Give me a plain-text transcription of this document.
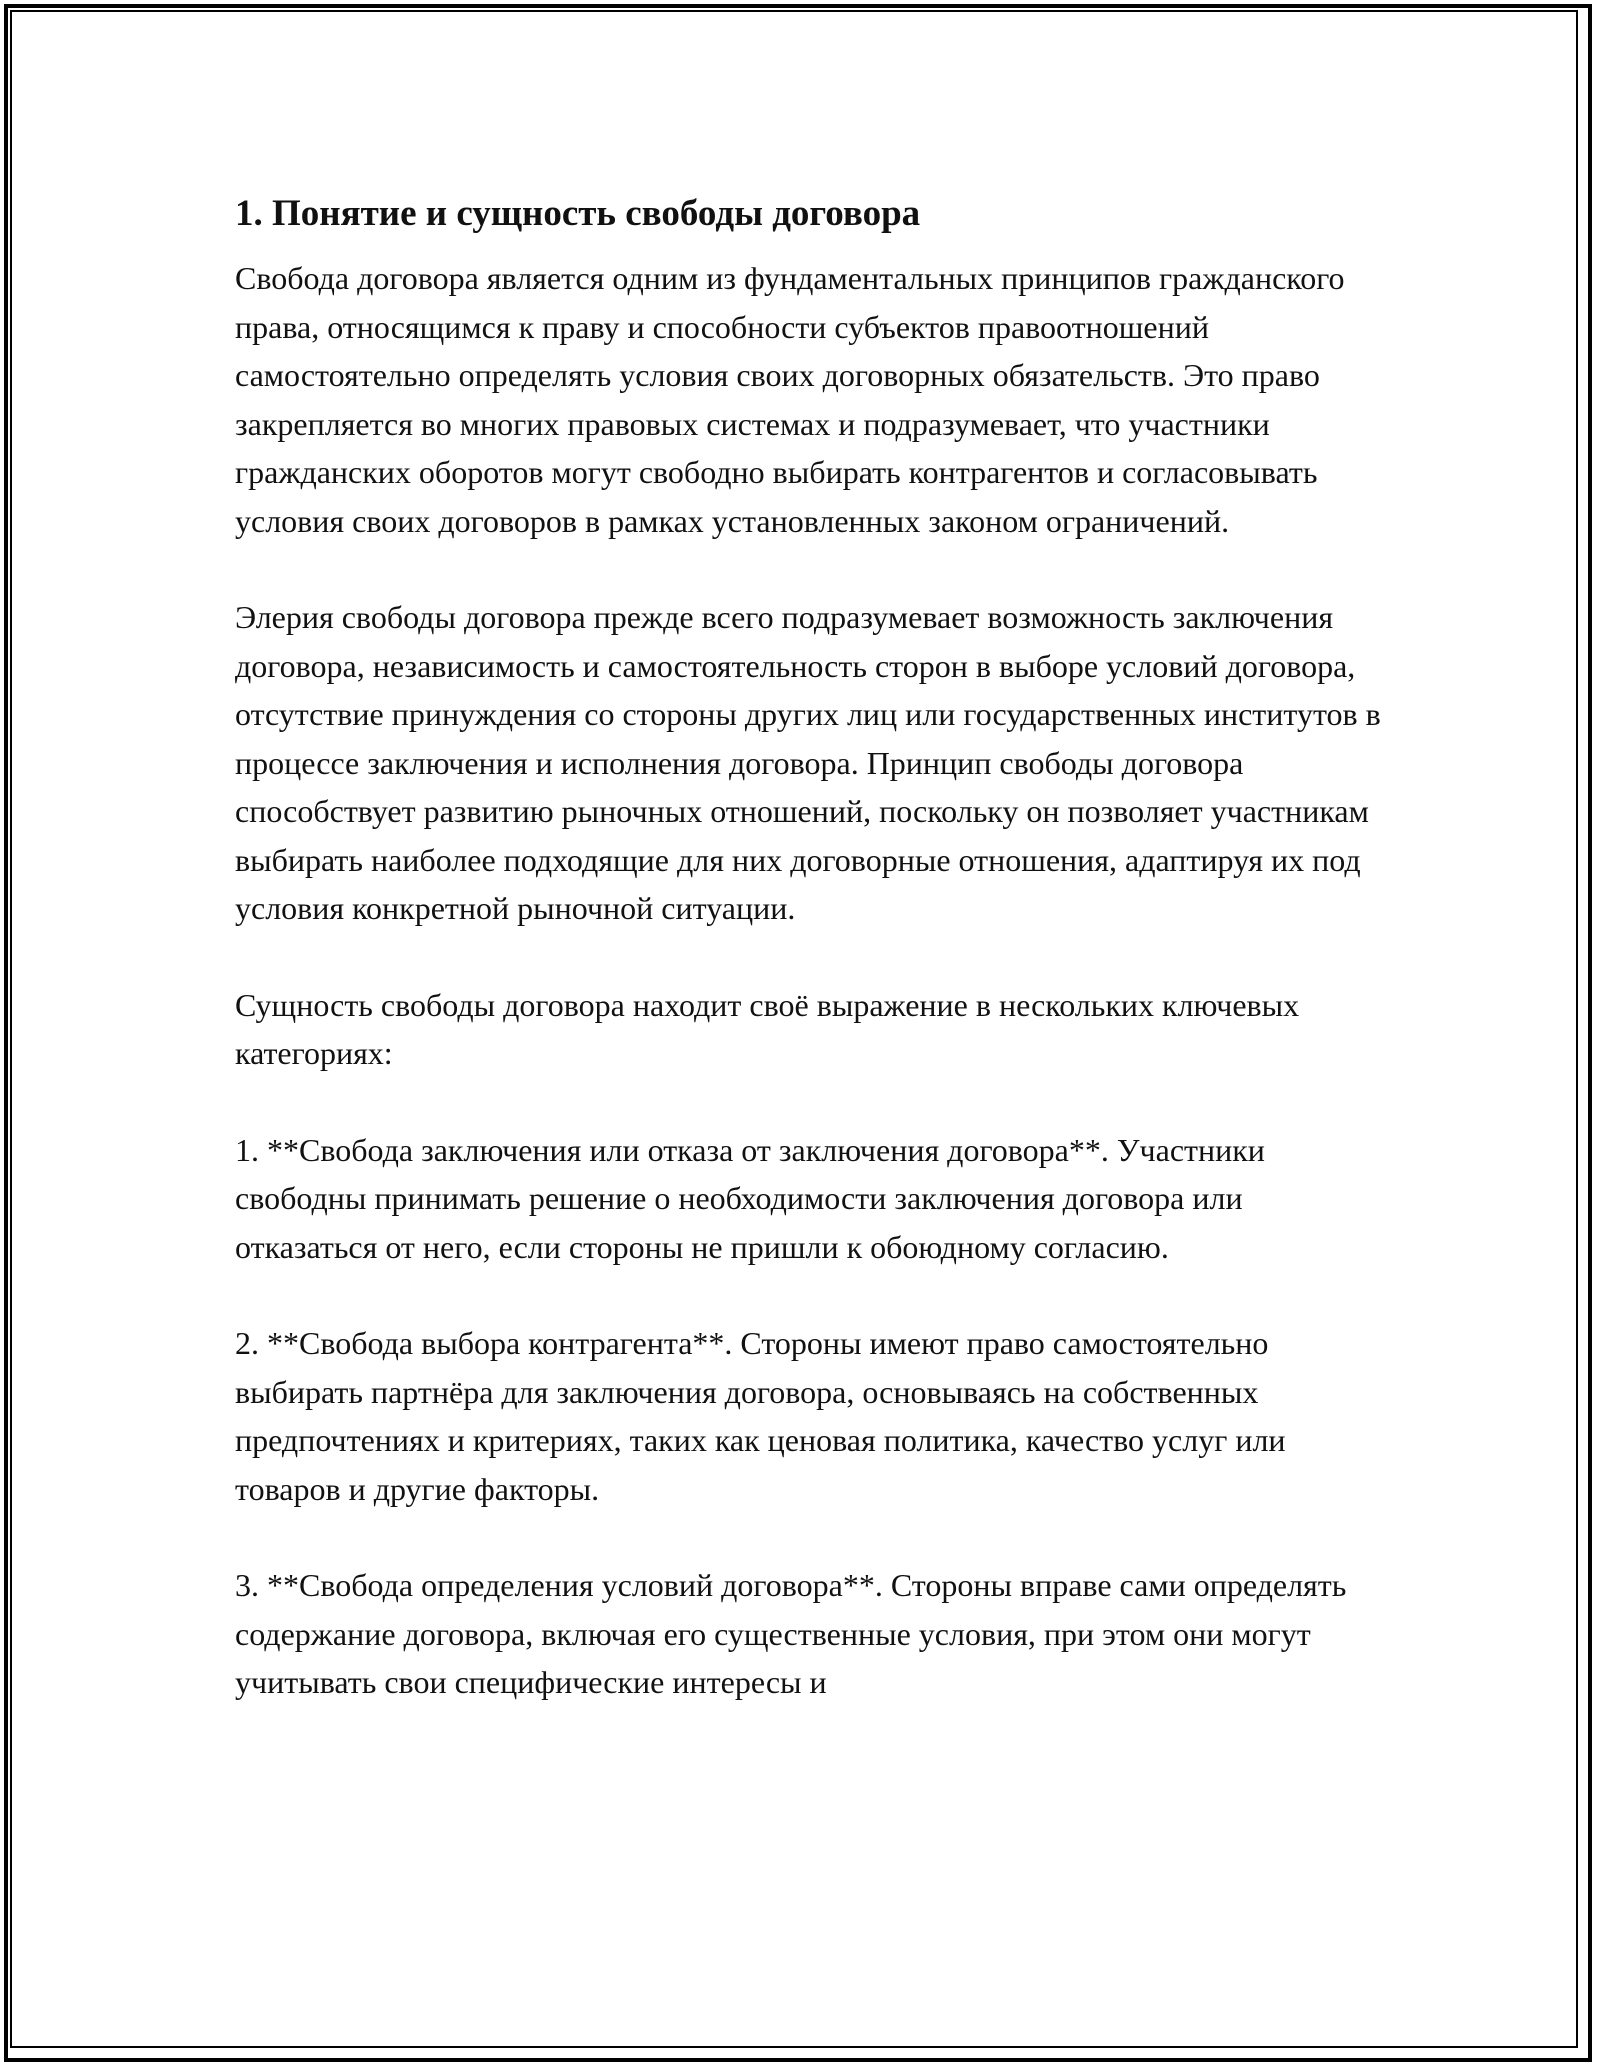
1. Понятие и сущность свободы договора

Свобода договора является одним из фундаментальных принципов гражданского права, относящимся к праву и способности субъектов правоотношений самостоятельно определять условия своих договорных обязательств. Это право закрепляется во многих правовых системах и подразумевает, что участники гражданских оборотов могут свободно выбирать контрагентов и согласовывать условия своих договоров в рамках установленных законом ограничений.

Элерия свободы договора прежде всего подразумевает возможность заключения договора, независимость и самостоятельность сторон в выборе условий договора, отсутствие принуждения со стороны других лиц или государственных институтов в процессе заключения и исполнения договора. Принцип свободы договора способствует развитию рыночных отношений, поскольку он позволяет участникам выбирать наиболее подходящие для них договорные отношения, адаптируя их под условия конкретной рыночной ситуации.

Сущность свободы договора находит своё выражение в нескольких ключевых категориях:

1. **Свобода заключения или отказа от заключения договора**. Участники свободны принимать решение о необходимости заключения договора или отказаться от него, если стороны не пришли к обоюдному согласию.

2. **Свобода выбора контрагента**. Стороны имеют право самостоятельно выбирать партнёра для заключения договора, основываясь на собственных предпочтениях и критериях, таких как ценовая политика, качество услуг или товаров и другие факторы.

3. **Свобода определения условий договора**. Стороны вправе сами определять содержание договора, включая его существенные условия, при этом они могут учитывать свои специфические интересы и
